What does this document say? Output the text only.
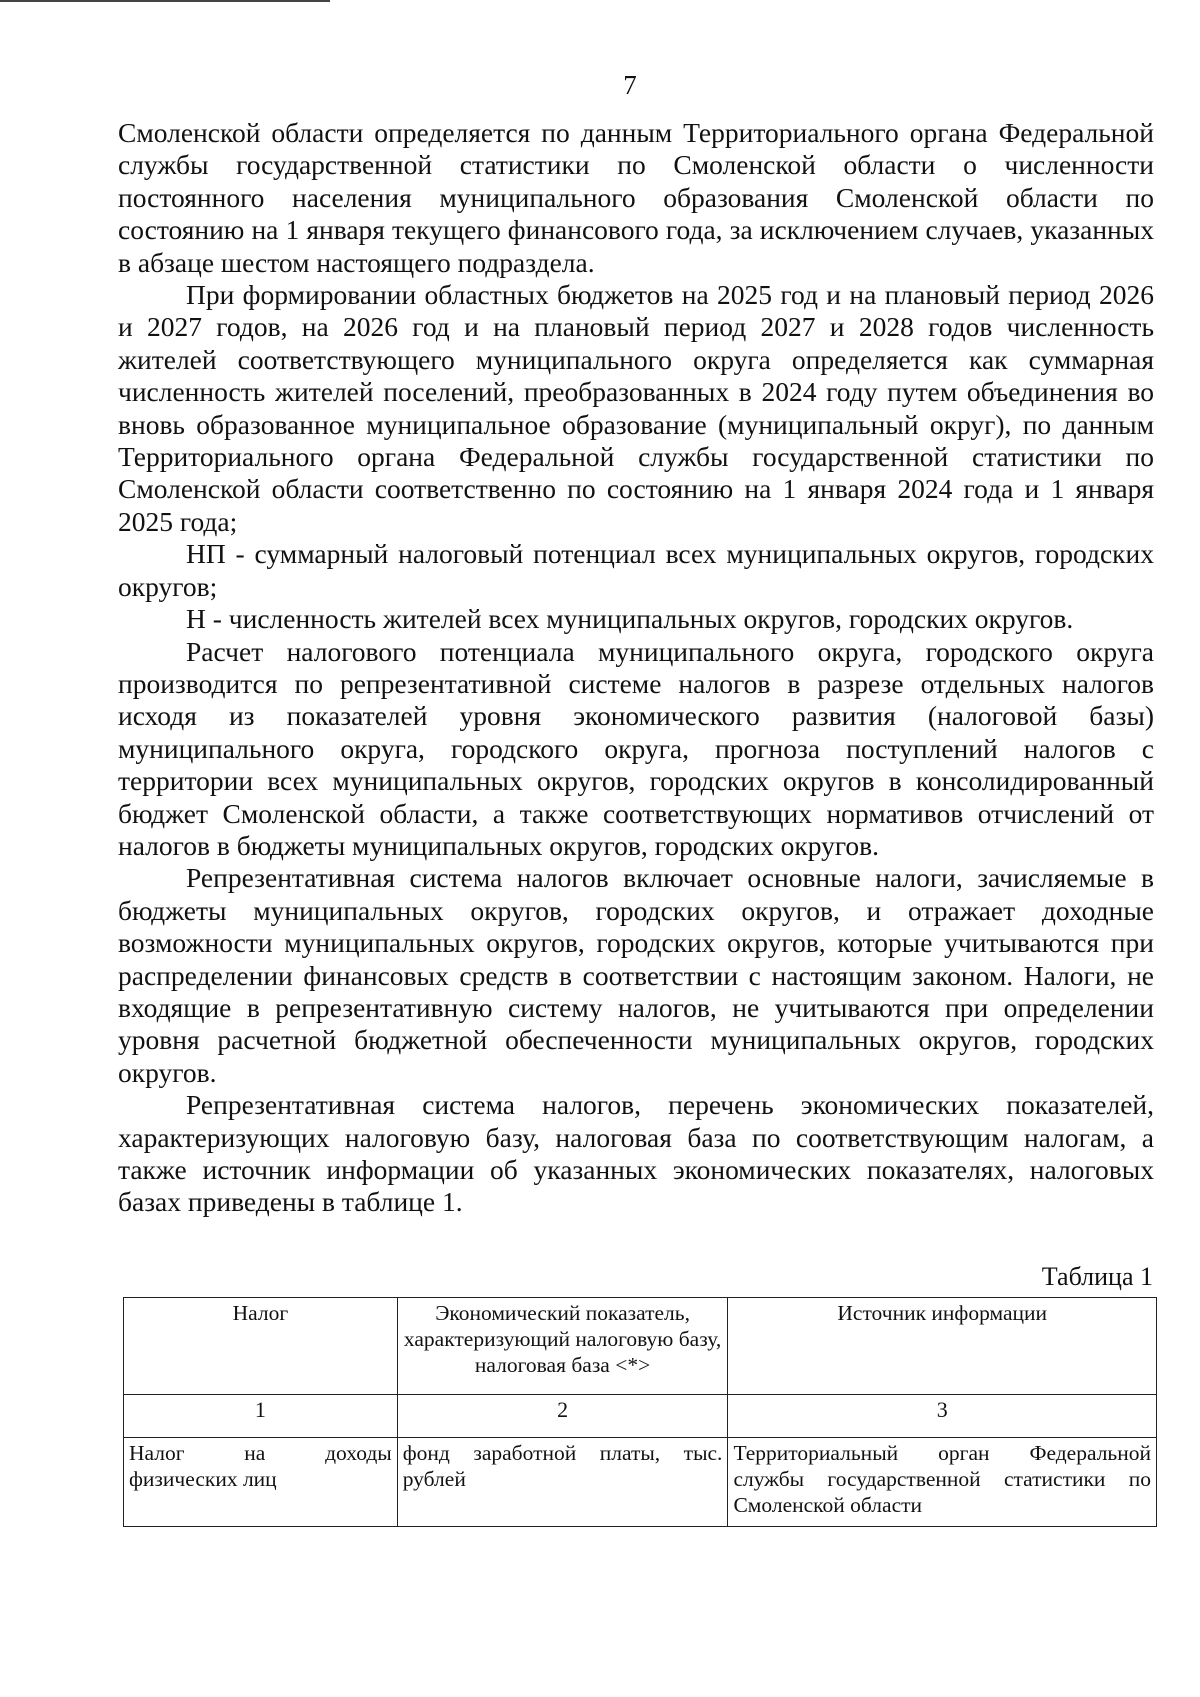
7

Смоленской области определяется по данным Территориального органа Федеральной службы государственной статистики по Смоленской области о численности постоянного населения муниципального образования Смоленской области по состоянию на 1 января текущего финансового года, за исключением случаев, указанных в абзаце шестом настоящего подраздела.

При формировании областных бюджетов на 2025 год и на плановый период 2026 и 2027 годов, на 2026 год и на плановый период 2027 и 2028 годов численность жителей соответствующего муниципального округа определяется как суммарная численность жителей поселений, преобразованных в 2024 году путем объединения во вновь образованное муниципальное образование (муниципальный округ), по данным Территориального органа Федеральной службы государственной статистики по Смоленской области соответственно по состоянию на 1 января 2024 года и 1 января 2025 года;

НП - суммарный налоговый потенциал всех муниципальных округов, городских округов;

Н - численность жителей всех муниципальных округов, городских округов.

Расчет налогового потенциала муниципального округа, городского округа производится по репрезентативной системе налогов в разрезе отдельных налогов исходя из показателей уровня экономического развития (налоговой базы) муниципального округа, городского округа, прогноза поступлений налогов с территории всех муниципальных округов, городских округов в консолидированный бюджет Смоленской области, а также соответствующих нормативов отчислений от налогов в бюджеты муниципальных округов, городских округов.

Репрезентативная система налогов включает основные налоги, зачисляемые в бюджеты муниципальных округов, городских округов, и отражает доходные возможности муниципальных округов, городских округов, которые учитываются при распределении финансовых средств в соответствии с настоящим законом. Налоги, не входящие в репрезентативную систему налогов, не учитываются при определении уровня расчетной бюджетной обеспеченности муниципальных округов, городских округов.

Репрезентативная система налогов, перечень экономических показателей, характеризующих налоговую базу, налоговая база по соответствующим налогам, а также источник информации об указанных экономических показателях, налоговых базах приведены в таблице 1.

Таблица 1
Налог	Экономический показатель, характеризующий налоговую базу, налоговая база <*>	Источник информации
1	2	3
Налог на доходы физических лиц	фонд заработной платы, тыс. рублей	Территориальный орган Федеральной службы государственной статистики по Смоленской области
